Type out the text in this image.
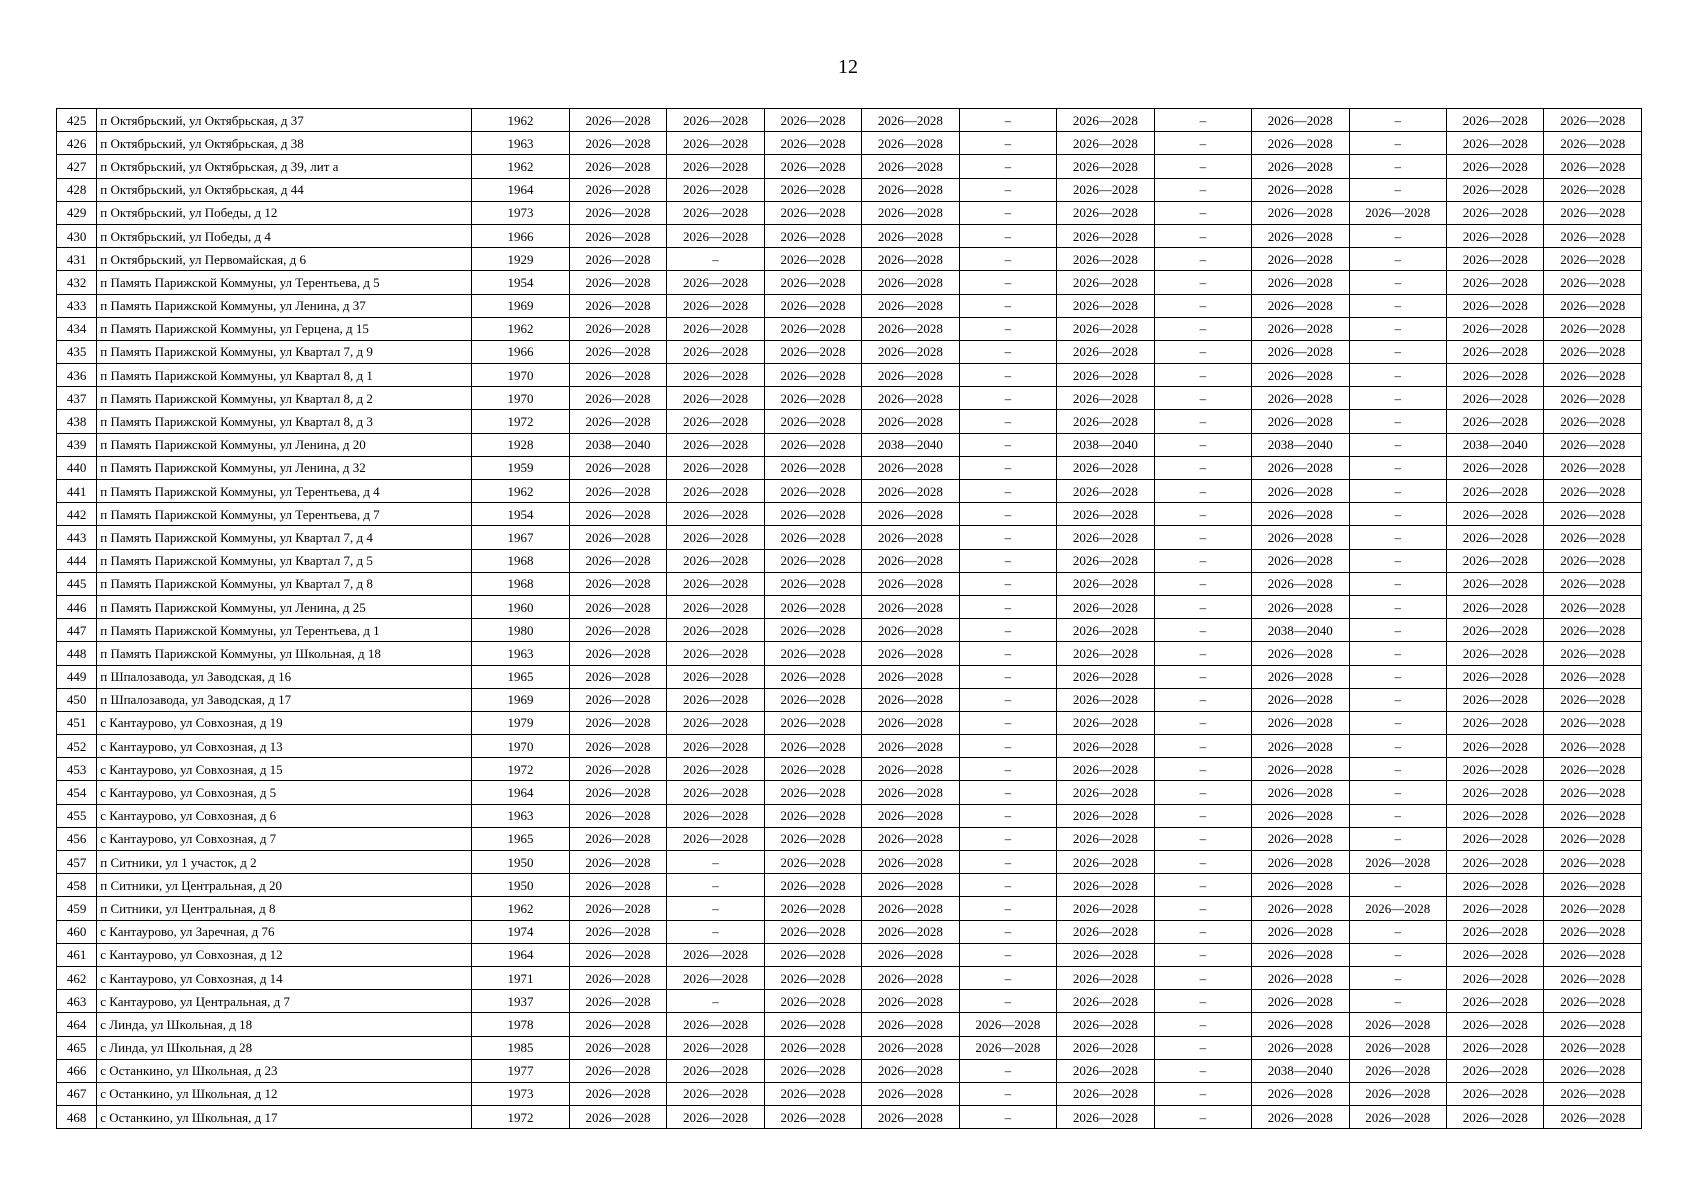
12
425	п Октябрьский, ул Октябрьская, д 37	1962	2026—2028	2026—2028	2026—2028	2026—2028	–	2026—2028	–	2026—2028	–	2026—2028	2026—2028
426	п Октябрьский, ул Октябрьская, д 38	1963	2026—2028	2026—2028	2026—2028	2026—2028	–	2026—2028	–	2026—2028	–	2026—2028	2026—2028
427	п Октябрьский, ул Октябрьская, д 39, лит а	1962	2026—2028	2026—2028	2026—2028	2026—2028	–	2026—2028	–	2026—2028	–	2026—2028	2026—2028
428	п Октябрьский, ул Октябрьская, д 44	1964	2026—2028	2026—2028	2026—2028	2026—2028	–	2026—2028	–	2026—2028	–	2026—2028	2026—2028
429	п Октябрьский, ул Победы, д 12	1973	2026—2028	2026—2028	2026—2028	2026—2028	–	2026—2028	–	2026—2028	2026—2028	2026—2028	2026—2028
430	п Октябрьский, ул Победы, д 4	1966	2026—2028	2026—2028	2026—2028	2026—2028	–	2026—2028	–	2026—2028	–	2026—2028	2026—2028
431	п Октябрьский, ул Первомайская, д 6	1929	2026—2028	–	2026—2028	2026—2028	–	2026—2028	–	2026—2028	–	2026—2028	2026—2028
432	п Память Парижской Коммуны, ул Терентьева, д 5	1954	2026—2028	2026—2028	2026—2028	2026—2028	–	2026—2028	–	2026—2028	–	2026—2028	2026—2028
433	п Память Парижской Коммуны, ул Ленина, д 37	1969	2026—2028	2026—2028	2026—2028	2026—2028	–	2026—2028	–	2026—2028	–	2026—2028	2026—2028
434	п Память Парижской Коммуны, ул Герцена, д 15	1962	2026—2028	2026—2028	2026—2028	2026—2028	–	2026—2028	–	2026—2028	–	2026—2028	2026—2028
435	п Память Парижской Коммуны, ул Квартал 7, д 9	1966	2026—2028	2026—2028	2026—2028	2026—2028	–	2026—2028	–	2026—2028	–	2026—2028	2026—2028
436	п Память Парижской Коммуны, ул Квартал 8, д 1	1970	2026—2028	2026—2028	2026—2028	2026—2028	–	2026—2028	–	2026—2028	–	2026—2028	2026—2028
437	п Память Парижской Коммуны, ул Квартал 8, д 2	1970	2026—2028	2026—2028	2026—2028	2026—2028	–	2026—2028	–	2026—2028	–	2026—2028	2026—2028
438	п Память Парижской Коммуны, ул Квартал 8, д 3	1972	2026—2028	2026—2028	2026—2028	2026—2028	–	2026—2028	–	2026—2028	–	2026—2028	2026—2028
439	п Память Парижской Коммуны, ул Ленина, д 20	1928	2038—2040	2026—2028	2026—2028	2038—2040	–	2038—2040	–	2038—2040	–	2038—2040	2026—2028
440	п Память Парижской Коммуны, ул Ленина, д 32	1959	2026—2028	2026—2028	2026—2028	2026—2028	–	2026—2028	–	2026—2028	–	2026—2028	2026—2028
441	п Память Парижской Коммуны, ул Терентьева, д 4	1962	2026—2028	2026—2028	2026—2028	2026—2028	–	2026—2028	–	2026—2028	–	2026—2028	2026—2028
442	п Память Парижской Коммуны, ул Терентьева, д 7	1954	2026—2028	2026—2028	2026—2028	2026—2028	–	2026—2028	–	2026—2028	–	2026—2028	2026—2028
443	п Память Парижской Коммуны, ул Квартал 7, д 4	1967	2026—2028	2026—2028	2026—2028	2026—2028	–	2026—2028	–	2026—2028	–	2026—2028	2026—2028
444	п Память Парижской Коммуны, ул Квартал 7, д 5	1968	2026—2028	2026—2028	2026—2028	2026—2028	–	2026—2028	–	2026—2028	–	2026—2028	2026—2028
445	п Память Парижской Коммуны, ул Квартал 7, д 8	1968	2026—2028	2026—2028	2026—2028	2026—2028	–	2026—2028	–	2026—2028	–	2026—2028	2026—2028
446	п Память Парижской Коммуны, ул Ленина, д 25	1960	2026—2028	2026—2028	2026—2028	2026—2028	–	2026—2028	–	2026—2028	–	2026—2028	2026—2028
447	п Память Парижской Коммуны, ул Терентьева, д 1	1980	2026—2028	2026—2028	2026—2028	2026—2028	–	2026—2028	–	2038—2040	–	2026—2028	2026—2028
448	п Память Парижской Коммуны, ул Школьная, д 18	1963	2026—2028	2026—2028	2026—2028	2026—2028	–	2026—2028	–	2026—2028	–	2026—2028	2026—2028
449	п Шпалозавода, ул Заводская, д 16	1965	2026—2028	2026—2028	2026—2028	2026—2028	–	2026—2028	–	2026—2028	–	2026—2028	2026—2028
450	п Шпалозавода, ул Заводская, д 17	1969	2026—2028	2026—2028	2026—2028	2026—2028	–	2026—2028	–	2026—2028	–	2026—2028	2026—2028
451	с Кантаурово, ул Совхозная, д 19	1979	2026—2028	2026—2028	2026—2028	2026—2028	–	2026—2028	–	2026—2028	–	2026—2028	2026—2028
452	с Кантаурово, ул Совхозная, д 13	1970	2026—2028	2026—2028	2026—2028	2026—2028	–	2026—2028	–	2026—2028	–	2026—2028	2026—2028
453	с Кантаурово, ул Совхозная, д 15	1972	2026—2028	2026—2028	2026—2028	2026—2028	–	2026—2028	–	2026—2028	–	2026—2028	2026—2028
454	с Кантаурово, ул Совхозная, д 5	1964	2026—2028	2026—2028	2026—2028	2026—2028	–	2026—2028	–	2026—2028	–	2026—2028	2026—2028
455	с Кантаурово, ул Совхозная, д 6	1963	2026—2028	2026—2028	2026—2028	2026—2028	–	2026—2028	–	2026—2028	–	2026—2028	2026—2028
456	с Кантаурово, ул Совхозная, д 7	1965	2026—2028	2026—2028	2026—2028	2026—2028	–	2026—2028	–	2026—2028	–	2026—2028	2026—2028
457	п Ситники, ул 1 участок, д 2	1950	2026—2028	–	2026—2028	2026—2028	–	2026—2028	–	2026—2028	2026—2028	2026—2028	2026—2028
458	п Ситники, ул Центральная, д 20	1950	2026—2028	–	2026—2028	2026—2028	–	2026—2028	–	2026—2028	–	2026—2028	2026—2028
459	п Ситники, ул Центральная, д 8	1962	2026—2028	–	2026—2028	2026—2028	–	2026—2028	–	2026—2028	2026—2028	2026—2028	2026—2028
460	с Кантаурово, ул Заречная, д 76	1974	2026—2028	–	2026—2028	2026—2028	–	2026—2028	–	2026—2028	–	2026—2028	2026—2028
461	с Кантаурово, ул Совхозная, д 12	1964	2026—2028	2026—2028	2026—2028	2026—2028	–	2026—2028	–	2026—2028	–	2026—2028	2026—2028
462	с Кантаурово, ул Совхозная, д 14	1971	2026—2028	2026—2028	2026—2028	2026—2028	–	2026—2028	–	2026—2028	–	2026—2028	2026—2028
463	с Кантаурово, ул Центральная, д 7	1937	2026—2028	–	2026—2028	2026—2028	–	2026—2028	–	2026—2028	–	2026—2028	2026—2028
464	с Линда, ул Школьная, д 18	1978	2026—2028	2026—2028	2026—2028	2026—2028	2026—2028	2026—2028	–	2026—2028	2026—2028	2026—2028	2026—2028
465	с Линда, ул Школьная, д 28	1985	2026—2028	2026—2028	2026—2028	2026—2028	2026—2028	2026—2028	–	2026—2028	2026—2028	2026—2028	2026—2028
466	с Останкино, ул Школьная, д 23	1977	2026—2028	2026—2028	2026—2028	2026—2028	–	2026—2028	–	2038—2040	2026—2028	2026—2028	2026—2028
467	с Останкино, ул Школьная, д 12	1973	2026—2028	2026—2028	2026—2028	2026—2028	–	2026—2028	–	2026—2028	2026—2028	2026—2028	2026—2028
468	с Останкино, ул Школьная, д 17	1972	2026—2028	2026—2028	2026—2028	2026—2028	–	2026—2028	–	2026—2028	2026—2028	2026—2028	2026—2028
